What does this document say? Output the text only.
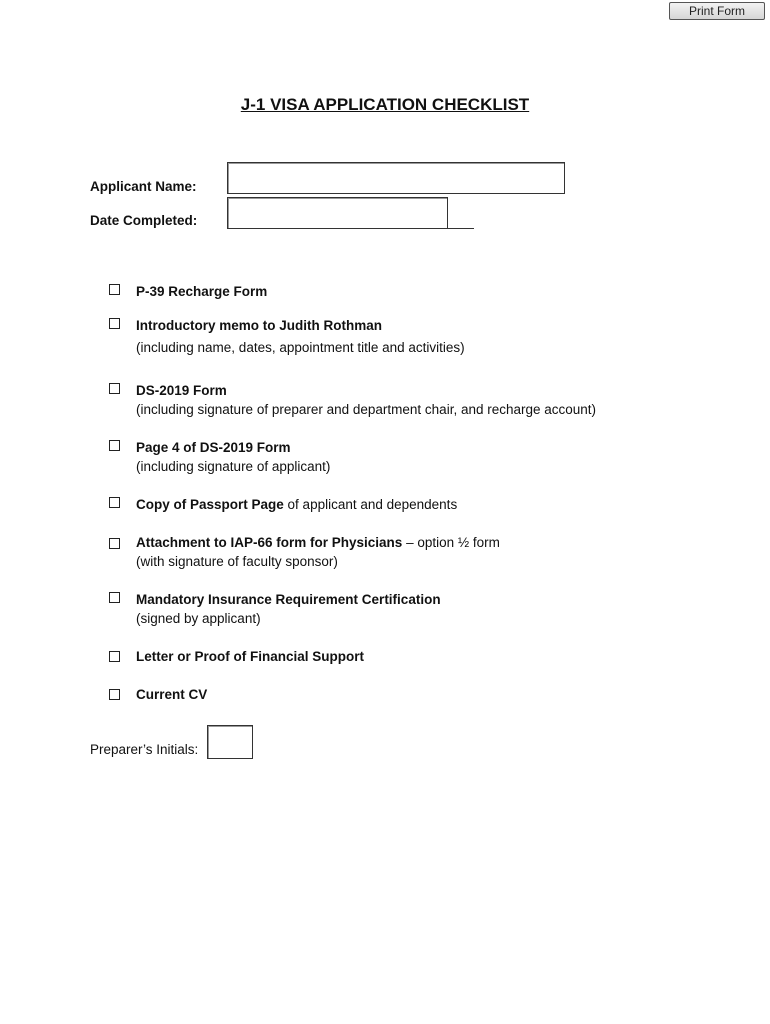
Print Form
J-1 VISA APPLICATION CHECKLIST
Applicant Name:
Date Completed:
P-39 Recharge Form
Introductory memo to Judith Rothman
(including name, dates, appointment title and activities)
DS-2019 Form
(including signature of preparer and department chair, and recharge account)
Page 4 of DS-2019 Form
(including signature of applicant)
Copy of Passport Page of applicant and dependents
Attachment to IAP-66 form for Physicians – option ½ form
(with signature of faculty sponsor)
Mandatory Insurance Requirement Certification
(signed by applicant)
Letter or Proof of Financial Support
Current CV
Preparer’s Initials:
